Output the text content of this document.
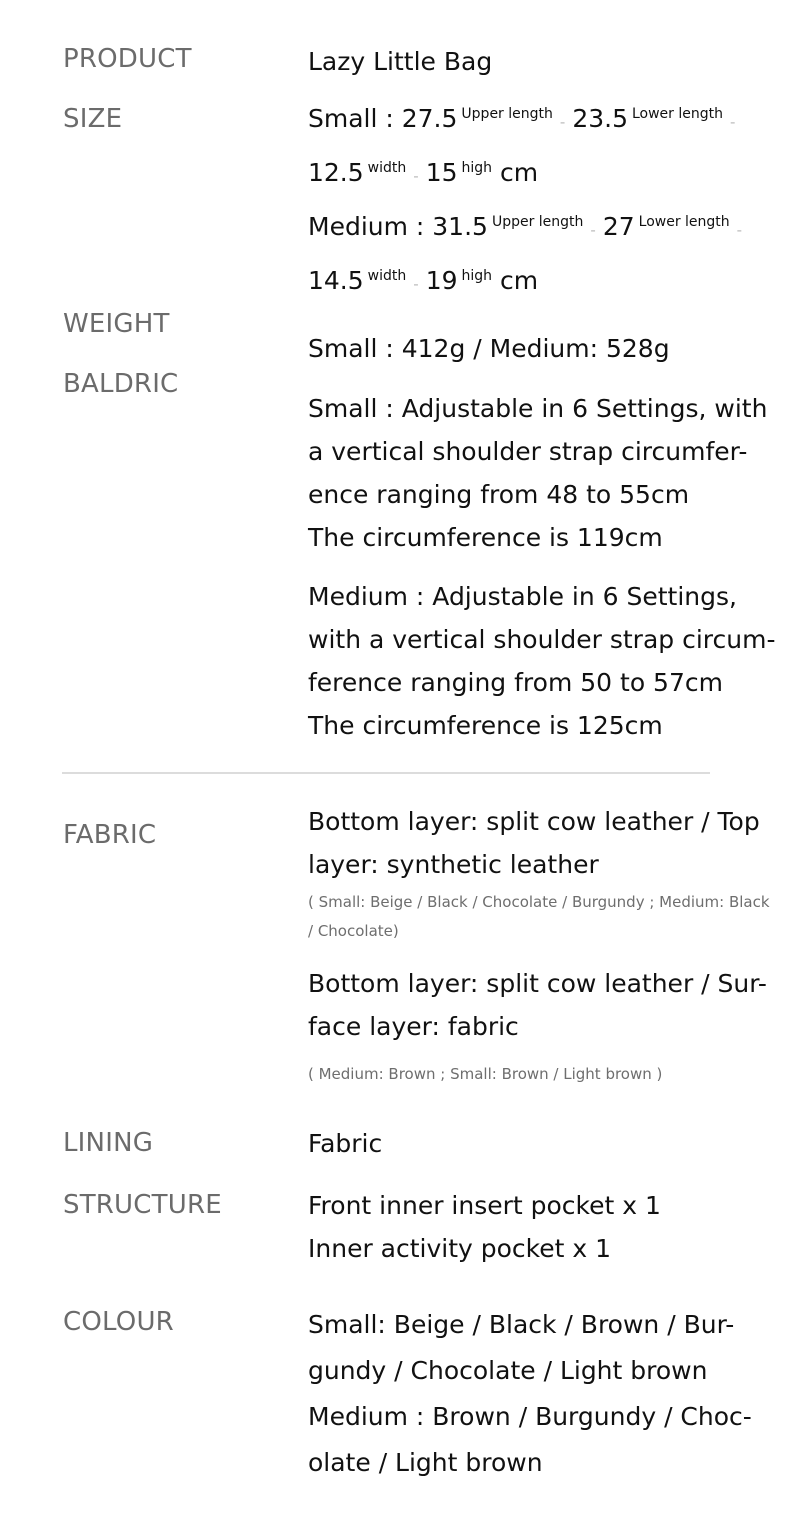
PRODUCT
SIZE
WEIGHT
BALDRIC
FABRIC
LINING
STRUCTURE
COLOUR
Lazy Little Bag
Small : 27.5 $^{Upper length}$ - 23.5 $^{Lower length}$ -
12.5 $^{width}$ - 15 $^{high}$ cm
Medium : 31.5 $^{Upper length}$ - 27 $^{Lower length}$ -
14.5 $^{width}$ - 19 $^{high}$ cm
Small : 412g / Medium: 528g
Small : Adjustable in 6 Settings, with
a vertical shoulder strap circumfer-
ence ranging from 48 to 55cm
The circumference is 119cm
Medium : Adjustable in 6 Settings,
with a vertical shoulder strap circum-
ference ranging from 50 to 57cm
The circumference is 125cm
Bottom layer: split cow leather / Top
layer: synthetic leather
( Small: Beige / Black / Chocolate / Burgundy ; Medium: Black
/ Chocolate)
Bottom layer: split cow leather / Sur-
face layer: fabric
( Medium: Brown ; Small: Brown / Light brown )
Fabric
Front inner insert pocket x 1
Inner activity pocket x 1
Small: Beige / Black / Brown / Bur-
gundy / Chocolate / Light brown
Medium : Brown / Burgundy / Choc-
olate / Light brown
